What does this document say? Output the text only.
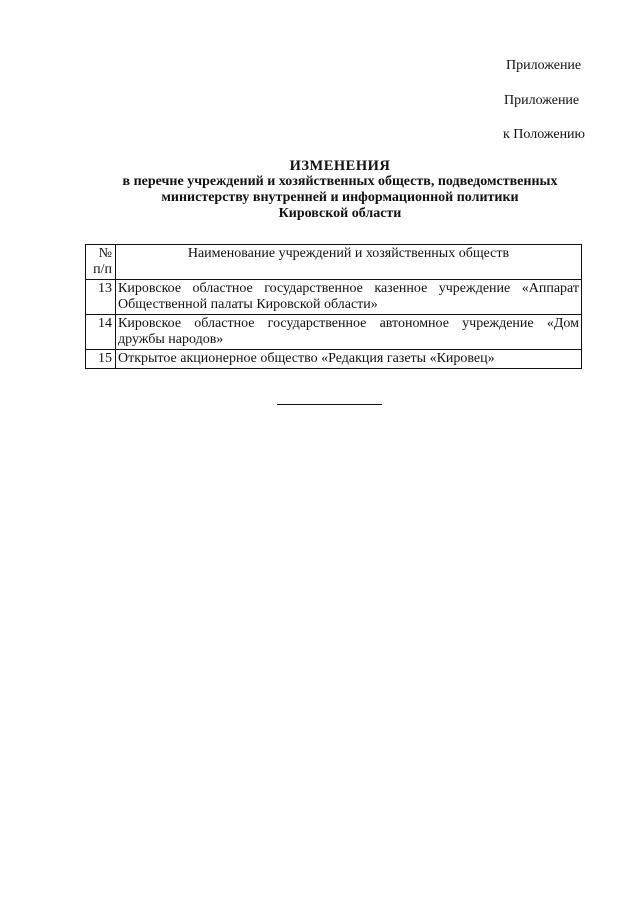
Приложение
Приложение
к Положению
ИЗМЕНЕНИЯ
в перечне учреждений и хозяйственных обществ, подведомственных
министерству внутренней и информационной политики
Кировской области
№
п/п	Наименование учреждений и хозяйственных обществ
13	Кировское областное государственное казенное учреждение «Аппарат Общественной палаты Кировской области»
14	Кировское областное государственное автономное учреждение «Дом дружбы народов»
15	Открытое акционерное общество «Редакция газеты «Кировец»
